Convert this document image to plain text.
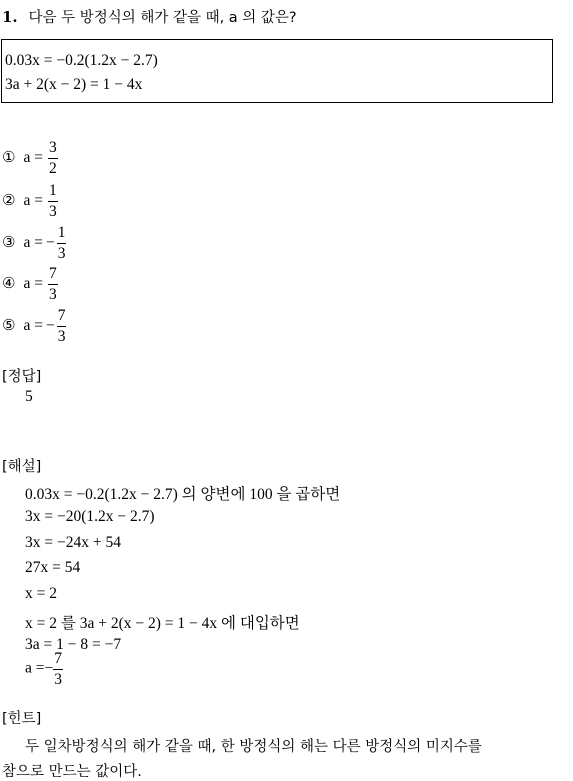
1. 다음 두 방정식의 해가 같을 때, a 의 값은?
0.03x = −0.2(1.2x − 2.7)
3a + 2(x − 2) = 1 − 4x
① $a = \frac{3}{2}$
② $a = \frac{1}{3}$
③ a = − $\frac{1}{3}$
④ $a = \frac{7}{3}$
⑤ a = − $\frac{7}{3}$
[정답]
5
[해설]
0.03x = −0.2(1.2x − 2.7) 의 양변에 100 을 곱하면
3x = −20(1.2x − 2.7)
3x = −24x + 54
27x = 54
x = 2
x = 2 를 3a + 2(x − 2) = 1 − 4x 에 대입하면
3a = 1 − 8 = −7
$a =- \frac{7}{3}$
[힌트]
두 일차방정식의 해가 같을 때, 한 방정식의 해는 다른 방정식의 미지수를
참으로 만드는 값이다.
